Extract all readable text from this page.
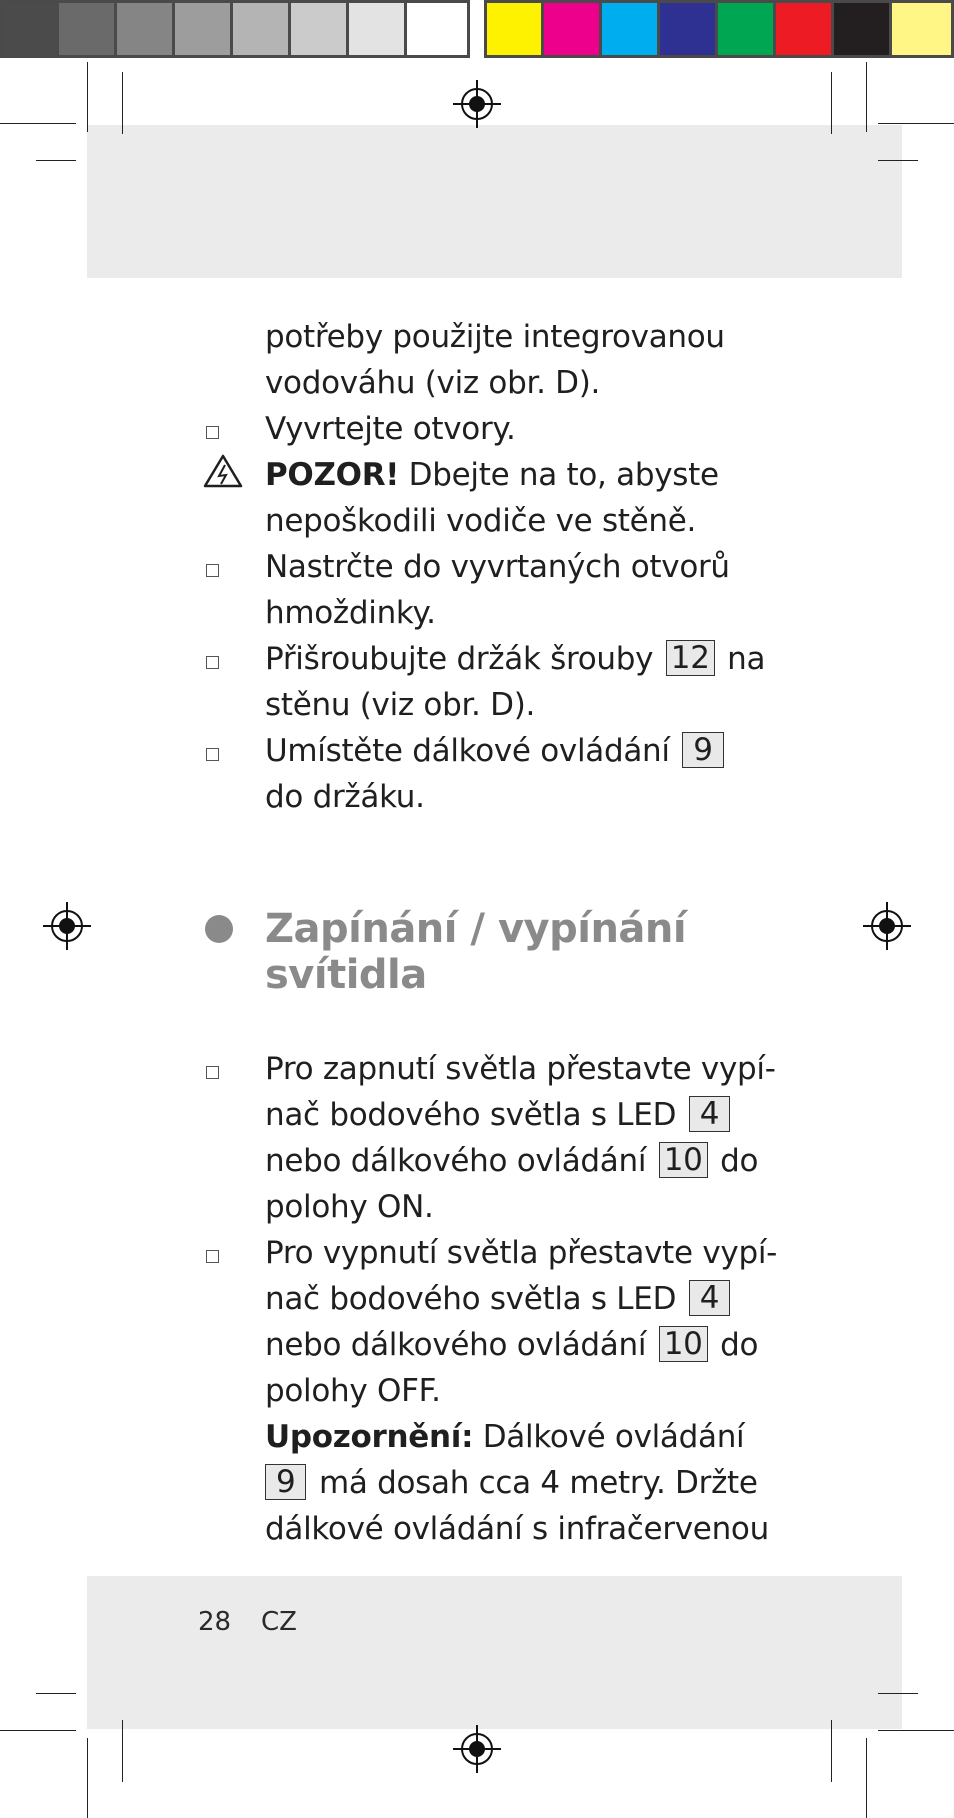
potřeby použijte integrovanou
vodováhu (viz obr. D).
Vyvrtejte otvory.
POZOR! Dbejte na to, abyste
nepoškodili vodiče ve stěně.
Nastrčte do vyvrtaných otvorů
hmoždinky.
Přišroubujte držák šrouby 12 na
stěnu (viz obr. D).
Umístěte dálkové ovládání 9
do držáku.
Zapínání / vypínání
svítidla
Pro zapnutí světla přestavte vypí-
nač bodového světla s LED 4
nebo dálkového ovládání 10 do
polohy ON.
Pro vypnutí světla přestavte vypí-
nač bodového světla s LED 4
nebo dálkového ovládání 10 do
polohy OFF.
Upozornění: Dálkové ovládání
9 má dosah cca 4 metry. Držte
dálkové ovládání s infračervenou
28 CZ
